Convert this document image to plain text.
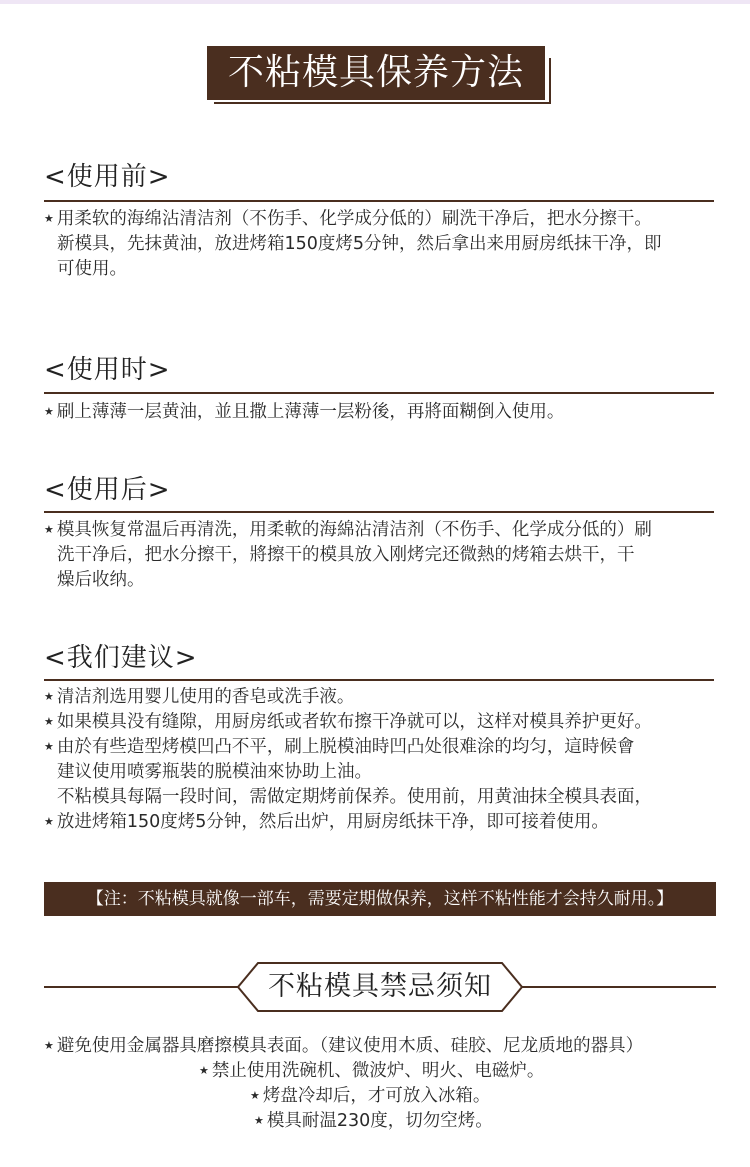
不粘模具保养方法
<使用前>
★ 用柔软的海绵沾清洁剂（不伤手、化学成分低的）刷洗干净后，把水分擦干。
新模具，先抹黄油，放进烤箱150度烤5分钟，然后拿出来用厨房纸抹干净，即
可使用。
<使用时>
★ 刷上薄薄一层黄油，並且撒上薄薄一层粉後，再將面糊倒入使用。
<使用后>
★ 模具恢复常温后再清洗，用柔軟的海綿沾清洁剂（不伤手、化学成分低的）刷
洗干净后，把水分擦干，將擦干的模具放入刚烤完还微熱的烤箱去烘干，干
燥后收纳。
<我们建议>
★ 清洁剂选用婴儿使用的香皂或洗手液。
★ 如果模具没有缝隙，用厨房纸或者软布擦干净就可以，这样对模具养护更好。
★ 由於有些造型烤模凹凸不平，刷上脱模油時凹凸处很难涂的均匀，這時候會
建议使用喷雾瓶裝的脱模油來协助上油。
不粘模具每隔一段时间，需做定期烤前保养。使用前，用黄油抹全模具表面，
★ 放进烤箱150度烤5分钟，然后出炉，用厨房纸抹干净，即可接着使用。
【注：不粘模具就像一部车，需要定期做保养，这样不粘性能才会持久耐用。】
不粘模具禁忌须知
★ 避免使用金属器具磨擦模具表面。（建议使用木质、硅胶、尼龙质地的器具）
★ 禁止使用洗碗机、微波炉、明火、电磁炉。
★ 烤盘冷却后，才可放入冰箱。
★ 模具耐温230度，切勿空烤。
